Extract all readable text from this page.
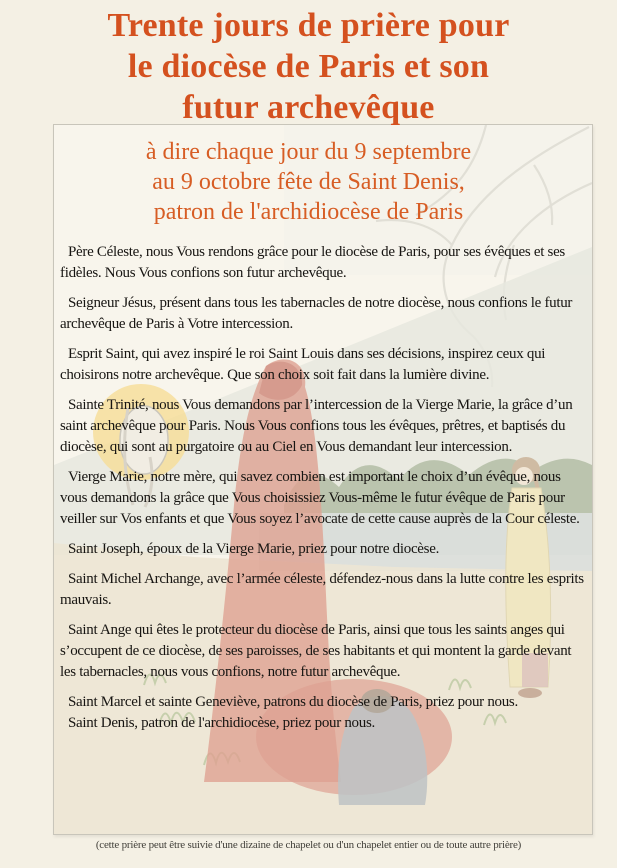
Trente jours de prière pour
le diocèse de Paris et son
futur archevêque
à dire chaque jour du 9 septembre
au 9 octobre fête de Saint Denis,
patron de l'archidiocèse de Paris

Père Céleste, nous Vous rendons grâce pour le diocèse de Paris, pour ses évêques et ses fidèles. Nous Vous confions son futur archevêque.

Seigneur Jésus, présent dans tous les tabernacles de notre diocèse, nous confions le futur archevêque de Paris à Votre intercession.

Esprit Saint, qui avez inspiré le roi Saint Louis dans ses décisions, inspirez ceux qui choisirons notre archevêque. Que son choix soit fait dans la lumière divine.

Sainte Trinité, nous Vous demandons par l’intercession de la Vierge Marie, la grâce d’un saint archevêque pour Paris. Nous Vous confions tous les évêques, prêtres, et baptisés du diocèse, qui sont au purgatoire ou au Ciel en Vous demandant leur intercession.

Vierge Marie, notre mère, qui savez combien est important le choix d’un évêque, nous vous demandons la grâce que Vous choisissiez Vous-même le futur évêque de Paris pour veiller sur Vos enfants et que Vous soyez l’avocate de cette cause auprès de la Cour céleste.

Saint Joseph, époux de la Vierge Marie, priez pour notre diocèse.

Saint Michel Archange, avec l’armée céleste, défendez-nous dans la lutte contre les esprits mauvais.

Saint Ange qui êtes le protecteur du diocèse de Paris, ainsi que tous les saints anges qui s’occupent de ce diocèse, de ses paroisses, de ses habitants et qui montent la garde devant les tabernacles, nous vous confions, notre futur archevêque.

Saint Marcel et sainte Geneviève, patrons du diocèse de Paris, priez pour nous.

Saint Denis, patron de l'archidiocèse, priez pour nous.

(cette prière peut être suivie d'une dizaine de chapelet ou d'un chapelet entier ou de toute autre prière)
